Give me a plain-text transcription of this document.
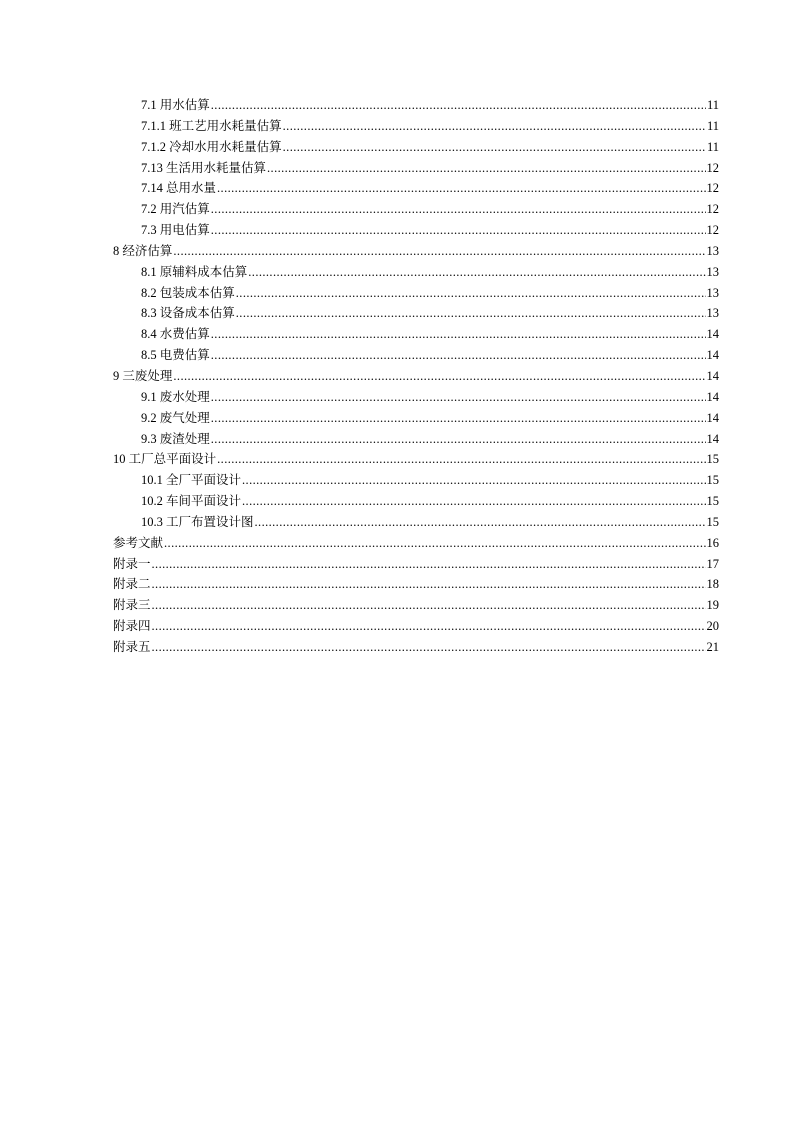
7.1 用水估算 .....	11
7.1.1 班工艺用水耗量估算 .....	11
7.1.2 冷却水用水耗量估算 .....	11
7.13 生活用水耗量估算 .....	12
7.14 总用水量 .....	12
7.2 用汽估算 .....	12
7.3 用电估算 .....	12
8 经济估算 .....	13
8.1 原辅料成本估算 .....	13
8.2 包装成本估算 .....	13
8.3 设备成本估算 .....	13
8.4 水费估算 .....	14
8.5 电费估算 .....	14
9 三废处理 .....	14
9.1 废水处理 .....	14
9.2 废气处理 .....	14
9.3 废渣处理 .....	14
10 工厂总平面设计 .....	15
10.1 全厂平面设计 .....	15
10.2 车间平面设计 .....	15
10.3 工厂布置设计图 .....	15
参考文献 .....	16
附录一 .....	17
附录二 .....	18
附录三 .....	19
附录四 .....	20
附录五 .....	21
